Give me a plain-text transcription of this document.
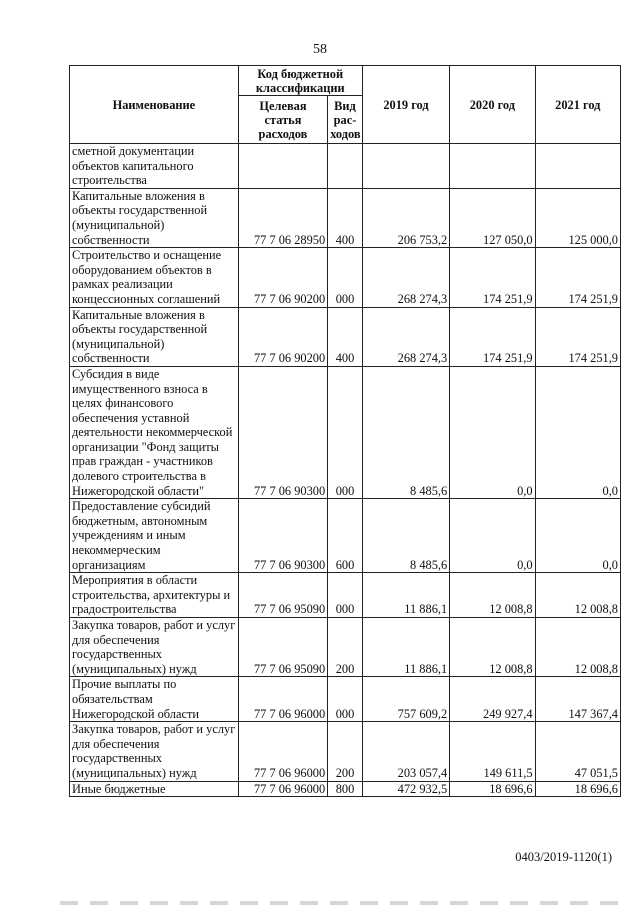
58
Наименование	Код бюджетной классификации		2019 год	2020 год	2021 год
	Целевая статья расходов	Вид рас-ходов			
сметной документации объектов капитального строительства					
Капитальные вложения в объекты государственной (муниципальной) собственности	77 7 06 28950	400	206 753,2	127 050,0	125 000,0
Строительство и оснащение оборудованием объектов в рамках реализации концессионных соглашений	77 7 06 90200	000	268 274,3	174 251,9	174 251,9
Капитальные вложения в объекты государственной (муниципальной) собственности	77 7 06 90200	400	268 274,3	174 251,9	174 251,9
Субсидия в виде имущественного взноса в целях финансового обеспечения уставной деятельности некоммерческой организации "Фонд защиты прав граждан - участников долевого строительства в Нижегородской области"	77 7 06 90300	000	8 485,6	0,0	0,0
Предоставление субсидий бюджетным, автономным учреждениям и иным некоммерческим организациям	77 7 06 90300	600	8 485,6	0,0	0,0
Мероприятия в области строительства, архитектуры и градостроительства	77 7 06 95090	000	11 886,1	12 008,8	12 008,8
Закупка товаров, работ и услуг для обеспечения государственных (муниципальных) нужд	77 7 06 95090	200	11 886,1	12 008,8	12 008,8
Прочие выплаты по обязательствам Нижегородской области	77 7 06 96000	000	757 609,2	249 927,4	147 367,4
Закупка товаров, работ и услуг для обеспечения государственных (муниципальных) нужд	77 7 06 96000	200	203 057,4	149 611,5	47 051,5
Иные бюджетные	77 7 06 96000	800	472 932,5	18 696,6	18 696,6
0403/2019-1120(1)
